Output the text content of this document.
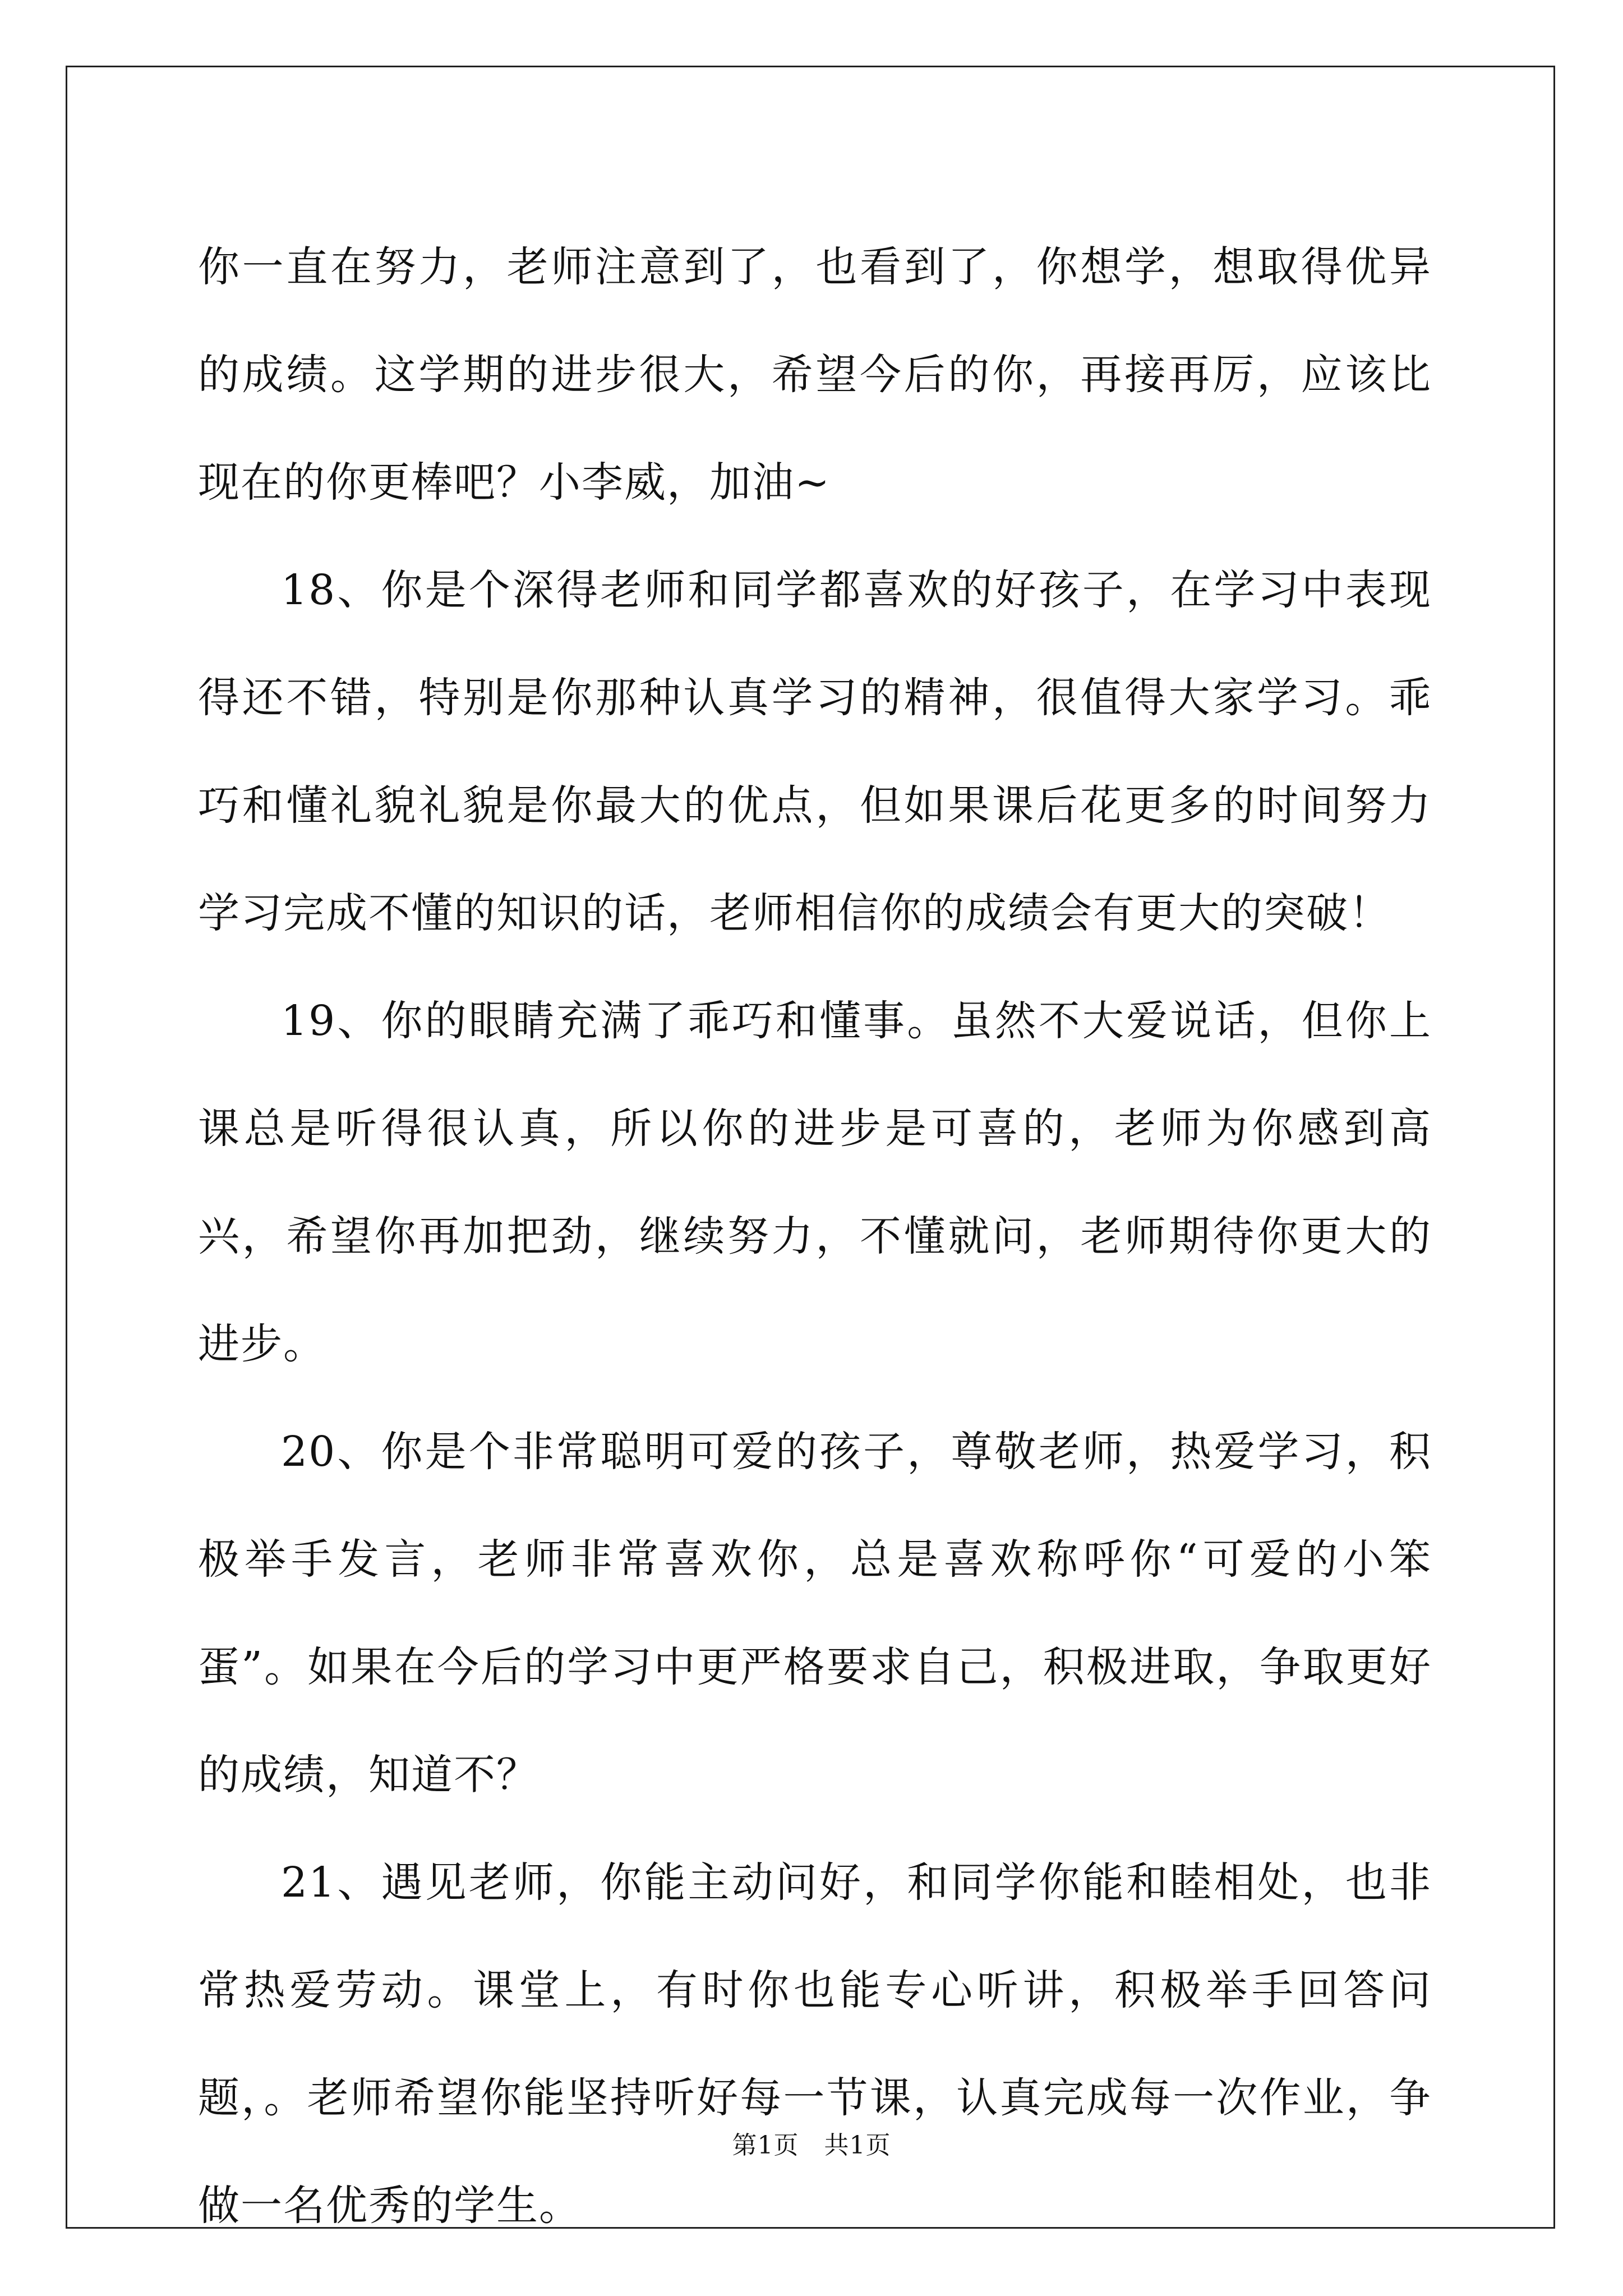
你一直在努力，老师注意到了，也看到了，你想学，想取得优异的成绩。这学期的进步很大，希望今后的你，再接再厉，应该比现在的你更棒吧？小李威，加油~

18、你是个深得老师和同学都喜欢的好孩子，在学习中表现得还不错，特别是你那种认真学习的精神，很值得大家学习。乖巧和懂礼貌礼貌是你最大的优点，但如果课后花更多的时间努力学习完成不懂的知识的话，老师相信你的成绩会有更大的突破！

19、你的眼睛充满了乖巧和懂事。虽然不大爱说话，但你上课总是听得很认真，所以你的进步是可喜的，老师为你感到高兴，希望你再加把劲，继续努力，不懂就问，老师期待你更大的进步。

20、你是个非常聪明可爱的孩子，尊敬老师，热爱学习，积极举手发言，老师非常喜欢你，总是喜欢称呼你“可爱的小笨蛋”。如果在今后的学习中更严格要求自己，积极进取，争取更好的成绩，知道不？

21、遇见老师，你能主动问好，和同学你能和睦相处，也非常热爱劳动。课堂上，有时你也能专心听讲，积极举手回答问题，。老师希望你能坚持听好每一节课，认真完成每一次作业，争做一名优秀的学生。

第1页 共1页
